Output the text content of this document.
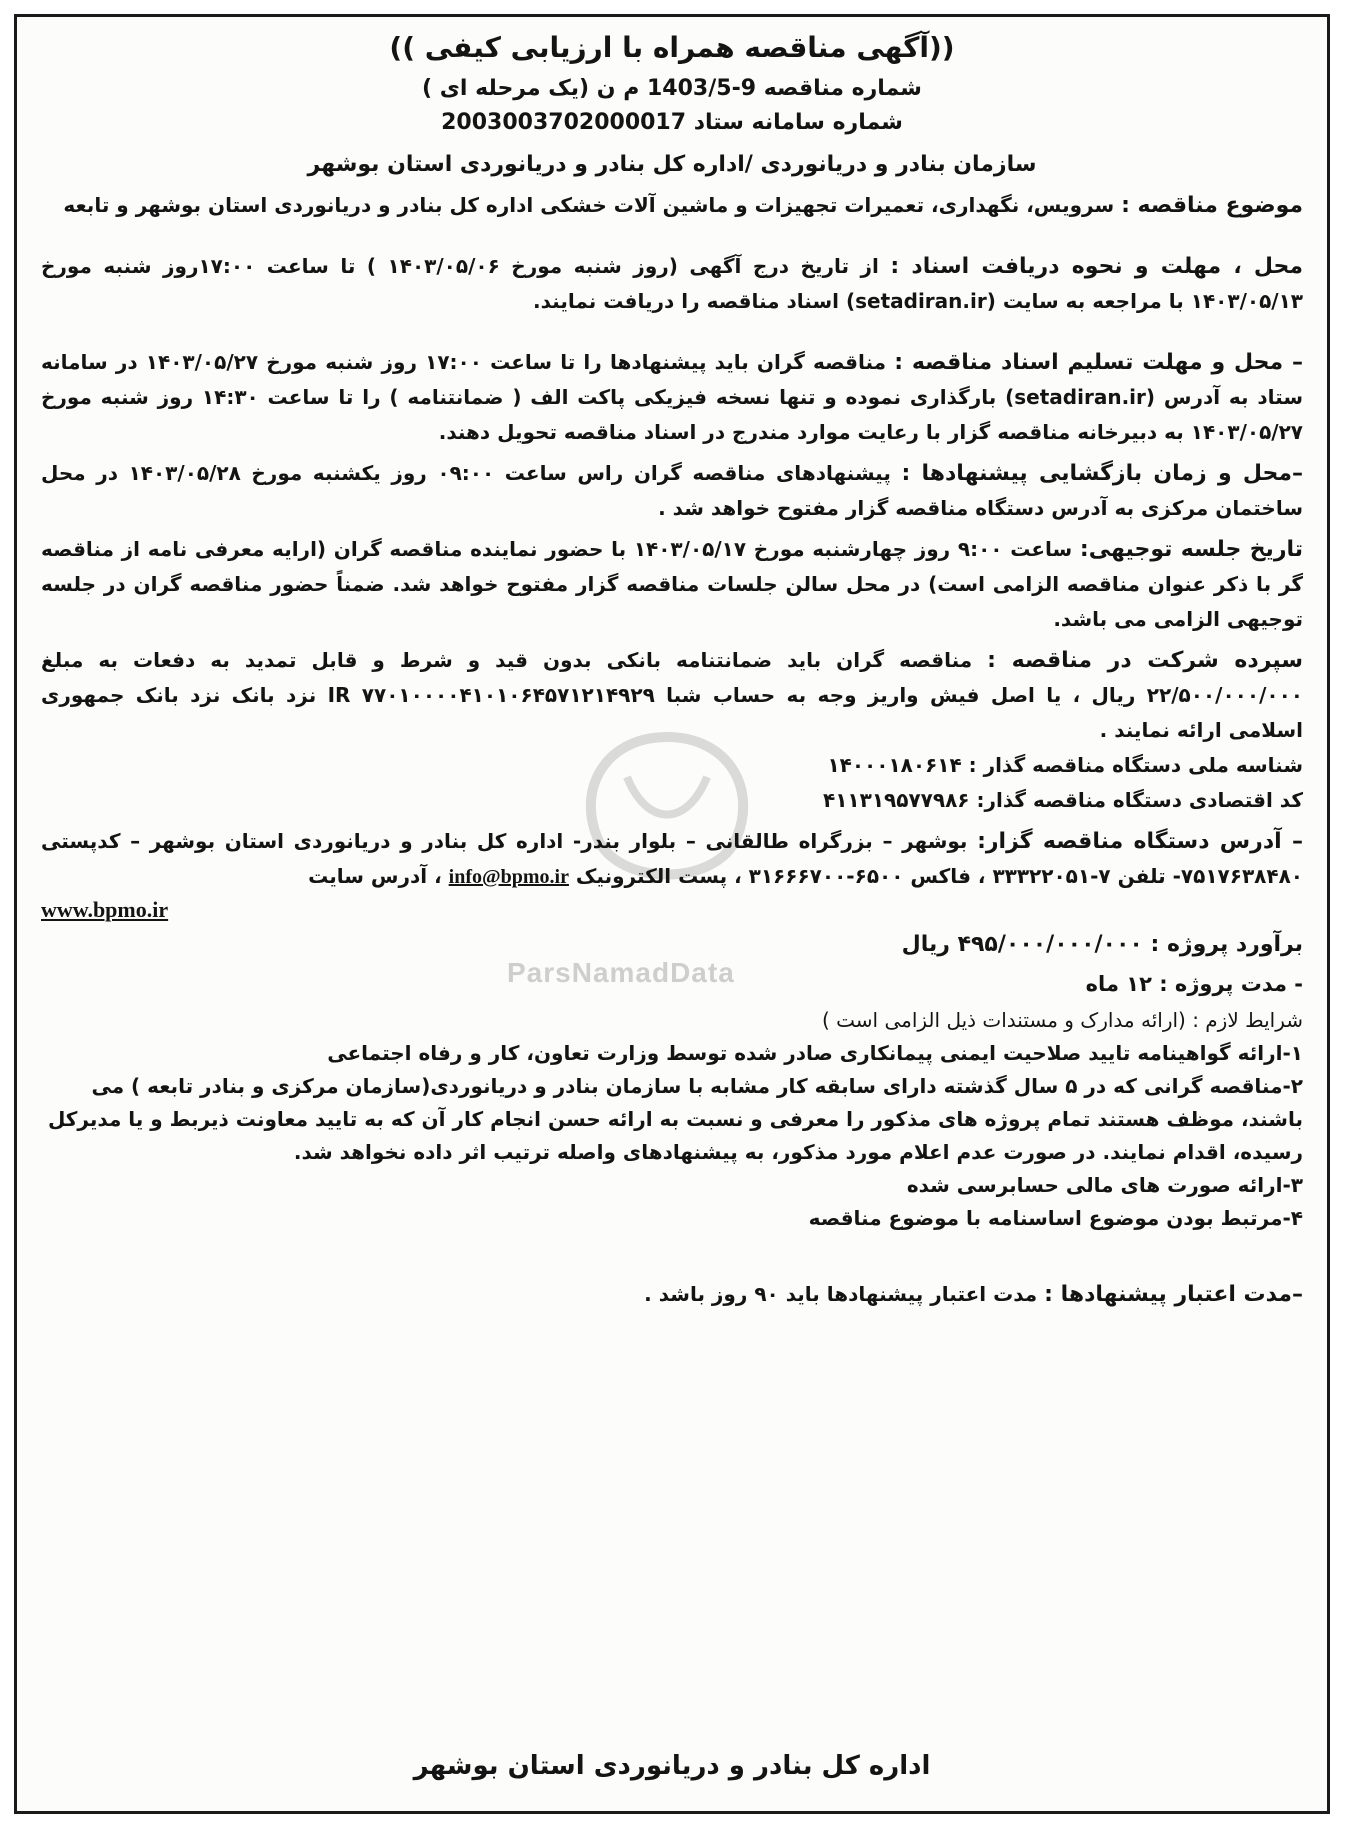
ParsNamadData
((آگهی مناقصه همراه با ارزیابی کیفی ))
شماره مناقصه 9-1403/5 م ن (یک مرحله ای )
شماره سامانه ستاد 2003003702000017
سازمان بنادر و دریانوردی /اداره کل بنادر و دریانوردی استان بوشهر
موضوع مناقصه : سرویس، نگهداری، تعمیرات تجهیزات و ماشین آلات خشکی اداره کل بنادر و دریانوردی استان بوشهر و تابعه
محل ، مهلت و نحوه دریافت اسناد : از تاریخ درج آگهی (روز شنبه مورخ ۱۴۰۳/۰۵/۰۶ ) تا ساعت ۱۷:۰۰روز شنبه مورخ ۱۴۰۳/۰۵/۱۳ با مراجعه به سایت (setadiran.ir) اسناد مناقصه را دریافت نمایند.
– محل و مهلت تسلیم اسناد مناقصه : مناقصه گران باید پیشنهادها را تا ساعت ۱۷:۰۰ روز شنبه مورخ ۱۴۰۳/۰۵/۲۷ در سامانه ستاد به آدرس (setadiran.ir) بارگذاری نموده و تنها نسخه فیزیکی پاکت الف ( ضمانتنامه ) را تا ساعت ۱۴:۳۰ روز شنبه مورخ ۱۴۰۳/۰۵/۲۷ به دبیرخانه مناقصه گزار با رعایت موارد مندرج در اسناد مناقصه تحویل دهند.
–محل و زمان بازگشایی پیشنهادها : پیشنهادهای مناقصه گران راس ساعت ۰۹:۰۰ روز یکشنبه مورخ ۱۴۰۳/۰۵/۲۸ در محل ساختمان مرکزی به آدرس دستگاه مناقصه گزار مفتوح خواهد شد .
تاریخ جلسه توجیهی: ساعت ۹:۰۰ روز چهارشنبه مورخ ۱۴۰۳/۰۵/۱۷ با حضور نماینده مناقصه گران (ارایه معرفی نامه از مناقصه گر با ذکر عنوان مناقصه الزامی است) در محل سالن جلسات مناقصه گزار مفتوح خواهد شد. ضمناً حضور مناقصه گران در جلسه توجیهی الزامی می باشد.
سپرده شرکت در مناقصه : مناقصه گران باید ضمانتنامه بانکی بدون قید و شرط و قابل تمدید به دفعات به مبلغ ۲۲/۵۰۰/۰۰۰/۰۰۰ ریال ، یا اصل فیش واریز وجه به حساب شبا IR ۷۷۰۱۰۰۰۰۴۱۰۱۰۶۴۵۷۱۲۱۴۹۲۹ نزد بانک نزد بانک جمهوری اسلامی ارائه نمایند .
شناسه ملی دستگاه مناقصه گذار : ۱۴۰۰۰۱۸۰۶۱۴
کد اقتصادی دستگاه مناقصه گذار: ۴۱۱۳۱۹۵۷۷۹۸۶
– آدرس دستگاه مناقصه گزار: بوشهر – بزرگراه طالقانی – بلوار بندر- اداره کل بنادر و دریانوردی استان بوشهر – کدپستی ۷۵۱۷۶۳۸۴۸۰- تلفن ۷-۳۳۳۲۲۰۵۱ ، فاکس ۶۵۰۰-۳۱۶۶۶۷۰۰ ، پست الکترونیک info@bpmo.ir ، آدرس سایت
www.bpmo.ir
برآورد پروژه : ۴۹۵/۰۰۰/۰۰۰/۰۰۰ ریال
- مدت پروژه : ۱۲ ماه
شرایط لازم : (ارائه مدارک و مستندات ذیل الزامی است )
۱-ارائه گواهینامه تایید صلاحیت ایمنی پیمانکاری صادر شده توسط وزارت تعاون، کار و رفاه اجتماعی
۲-مناقصه گرانی که در ۵ سال گذشته دارای سابقه کار مشابه با سازمان بنادر و دریانوردی(سازمان مرکزی و بنادر تابعه ) می باشند، موظف هستند تمام پروژه های مذکور را معرفی و نسبت به ارائه حسن انجام کار آن که به تایید معاونت ذیربط و یا مدیرکل رسیده، اقدام نمایند. در صورت عدم اعلام مورد مذکور، به پیشنهادهای واصله ترتیب اثر داده نخواهد شد.
۳-ارائه صورت های مالی حسابرسی شده
۴-مرتبط بودن موضوع اساسنامه با موضوع مناقصه
–مدت اعتبار پیشنهادها : مدت اعتبار پیشنهادها باید ۹۰ روز باشد .
اداره کل بنادر و دریانوردی استان بوشهر
